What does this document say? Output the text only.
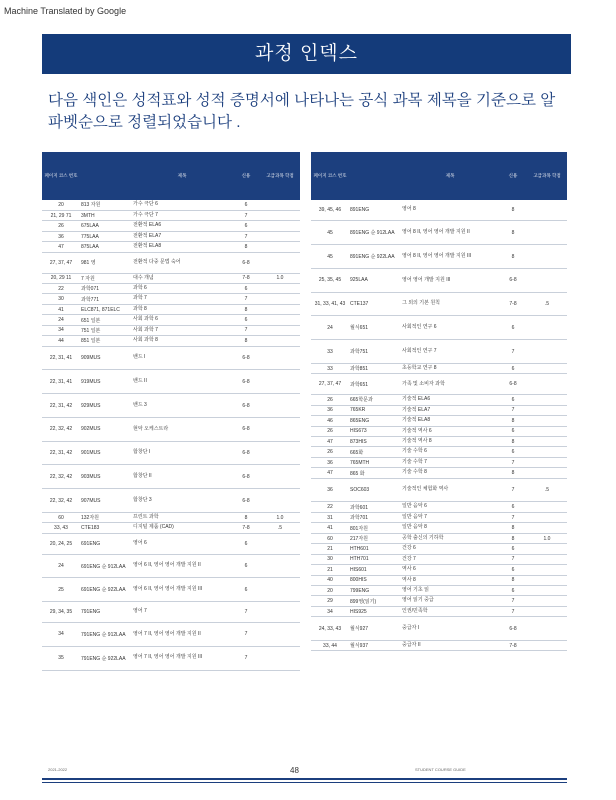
Machine Translated by Google
과정 인덱스
다음 색인은 성적표와 성적 증명서에 나타나는 공식 과목 제목을 기준으로 알파벳순으로 정렬되었습니다 .
페이지 코스 번호		제목	신용	고급과목 학점
20	813 자원	가수 극단 6	6	
21, 29 71	3MTH	가수 극단 7	7	
26	675LAA	전환적 ELA6	6	
36	775LAA	전환적 ELA7	7	
47	875LAA	전환적 ELA8	8	
27, 37, 47	981 영	전환적 다중 문법 숙어	6-8	
20, 29 11	7 자원	대수 개념	7-8	1.0
22	과학071	과학 6	6	
30	과학771	과학 7	7	
41	ELC871, 871ELC	과학 8	8	
24	651 일본	사회 과학 6	6	
34	751 일본	사회 과학 7	7	
44	851 일본	사회 과학 8	8	
22, 31, 41	909MUS	밴드 I	6-8	
22, 31, 41	919MUS	밴드 II	6-8	
22, 31, 42	929MUS	밴드 3	6-8	
22, 32, 42	902MUS	현악 오케스트라	6-8	
22, 31, 42	901MUS	합창단 I	6-8	
22, 32, 42	903MUS	합창단 II	6-8	
22, 32, 42	907MUS	합창단 3	6-8	
60	132자원	프린트 과학	8	1.0
33, 43	CTE183	디지털 제품 (CAD)	7-8	.5
20, 24, 25	691ENG	영어 6	6	
24	691ENG 순 912LAA	영어 6 II, 영어 영어 개발 지원 II	6	
25	691ENG 순 922LAA	영어 6 II, 영어 영어 개발 지원 III	6	
29, 34, 35	791ENG	영어 7	7	
34	791ENG 순 912LAA	영어 7 II, 영어 영어 개발 지원 II	7	
35	791ENG 순 922LAA	영어 7 II, 영어 영어 개발 지원 III	7	
페이지 코스 번호		제목	신용	고급과목 학점
39, 45, 46	891ENG	영어 8	8	
45	891ENG 순 912LAA	영어 8 II, 영어 영어 개발 지원 II	8	
45	891ENG 순 922LAA	영어 8 II, 영어 영어 개발 지원 III	8	
25, 35, 45	925LAA	영어 영어 개발 지원 III	6-8	
31, 33, 41, 43	CTE137	그 외의 기본 원칙	7-8	.5
24	월식651	사회적인 연구 6	6	
33	과학751	사회적인 연구 7	7	
33	과학851	초등학교 연구 8	6	
27, 37, 47	과학651	가족 및 소비자 과학	6-8	
26	665학문과	기술적 ELA6	6	
36	765KR	기술적 ELA7	7	
46	865ENG	기술적 ELA8	8	
26	HIS673	기술적 역사 6	6	
47	873HIS	기술적 역사 8	8	
26	665화	기술 수학 6	6	
36	765MTH	기술 수학 7	7	
47	865 화	기술 수학 8	8	
36	SOC603	기술적인 체험화 역사	7	.5
22	과학601	일반 음악 6	6	
31	과학701	일반 음악 7	7	
41	801자원	일반 음악 8	8	
60	217자원	공학 출신의 기하학	8	1.0
21	HTH601	건강 6	6	
30	HTH701	건강 7	7	
21	HIS601	역사 6	6	
40	800HIS	역사 8	8	
20	799ENG	영어 기초 읽	6	
29	899영(읽기)	영어 읽기 중급	7	
34	HIS925	인권/민족학	7	
24, 33, 43	월식927	중급자 I	6-8	
33, 44	월식937	중급자 II	7-8	
2021-2022	48	STUDENT COURSE GUIDE
